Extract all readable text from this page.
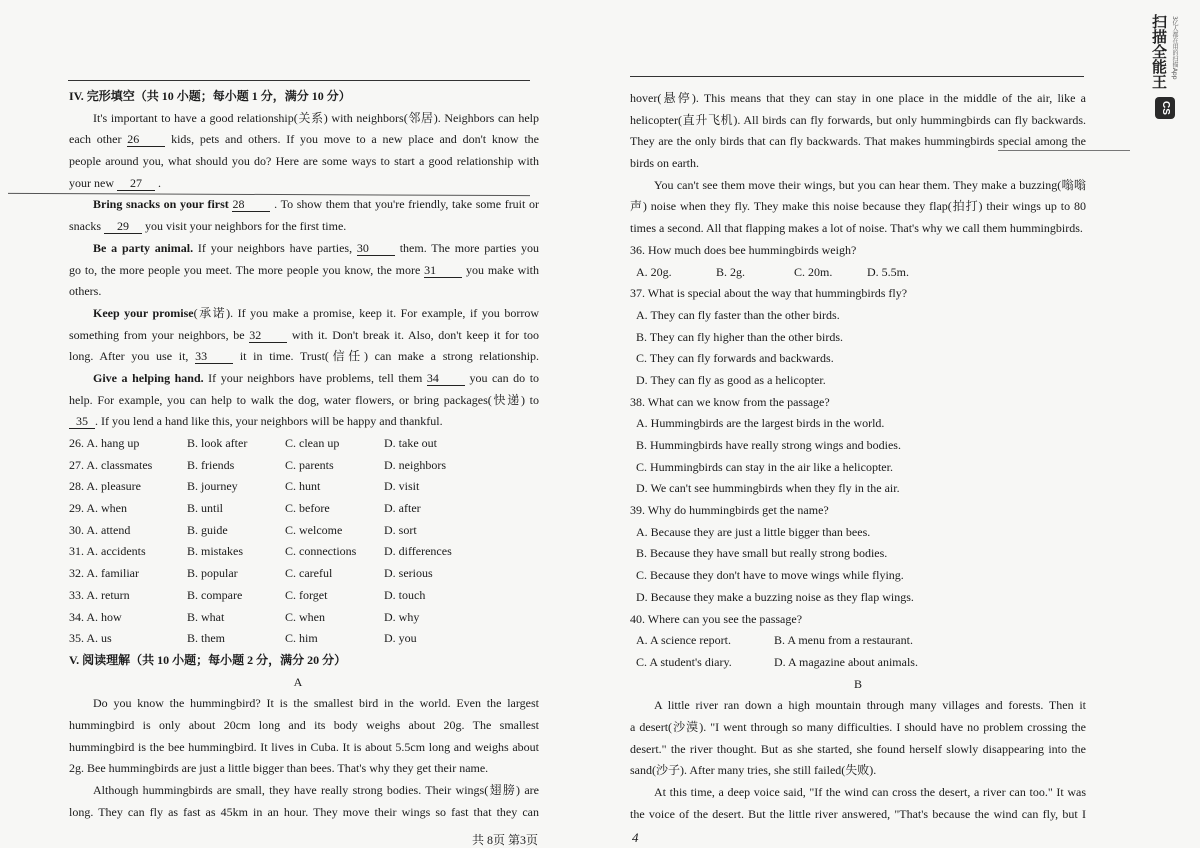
IV. 完形填空（共 10 小题；每小题 1 分，满分 10 分）
It's important to have a good relationship(关系) with neighbors(邻居). Neighbors can help
each other 26	kids, pets and others. If you move to a new place and don't know the
people around you, what should you do? Here are some ways to start a good relationship with
your new 27 .
Bring snacks on your first 28 . To show them that you're friendly, take some fruit or
snacks 29 you visit your neighbors for the first time.
Be a party animal. If your neighbors have parties, 30	them. The more parties you
go to, the more people you meet. The more people you know, the more 31 you make with
others.
Keep your promise(承诺). If you make a promise, keep it. For example, if you borrow
something from your neighbors, be 32	with it. Don't break it. Also, don't keep it for too
long. After you use it, 33	it in time. Trust(信任) can make a strong relationship.
Give a helping hand. If your neighbors have problems, tell them 34	you can do to
help. For example, you can help to walk the dog, water flowers, or bring packages(快递) to
35 . If you lend a hand like this, your neighbors will be happy and thankful.
26. A. hang up	B. look after	C. clean up	D. take out
27. A. classmates	B. friends	C. parents	D. neighbors
28. A. pleasure	B. journey	C. hunt	D. visit
29. A. when	B. until	C. before	D. after
30. A. attend	B. guide	C. welcome	D. sort
31. A. accidents	B. mistakes	C. connections	D. differences
32. A. familiar	B. popular	C. careful	D. serious
33. A. return	B. compare	C. forget	D. touch
34. A. how	B. what	C. when	D. why
35. A. us	B. them	C. him	D. you
V. 阅读理解（共 10 小题；每小题 2 分，满分 20 分）
A
Do you know the hummingbird? It is the smallest bird in the world. Even the largest
hummingbird is only about 20cm long and its body weighs about 20g. The smallest
hummingbird is the bee hummingbird. It lives in Cuba. It is about 5.5cm long and weighs about
2g. Bee hummingbirds are just a little bigger than bees. That's why they get their name.
Although hummingbirds are small, they have really strong bodies. Their wings(翅膀) are
long. They can fly as fast as 45km in an hour. They move their wings so fast that they can
共 8页 第3页
hover(悬停). This means that they can stay in one place in the middle of the air, like a
helicopter(直升飞机). All birds can fly forwards, but only hummingbirds can fly backwards.
They are the only birds that can fly backwards. That makes hummingbirds special among the
birds on earth.
You can't see them move their wings, but you can hear them. They make a buzzing(嗡嗡
声) noise when they fly. They make this noise because they flap(拍打) their wings up to 80
times a second. All that flapping makes a lot of noise. That's why we call them hummingbirds.
36. How much does bee hummingbirds weigh?
A. 20g.	B. 2g.	C. 20m.	D. 5.5m.
37. What is special about the way that hummingbirds fly?
A. They can fly faster than the other birds.
B. They can fly higher than the other birds.
C. They can fly forwards and backwards.
D. They can fly as good as a helicopter.
38. What can we know from the passage?
A. Hummingbirds are the largest birds in the world.
B. Hummingbirds have really strong wings and bodies.
C. Hummingbirds can stay in the air like a helicopter.
D. We can't see hummingbirds when they fly in the air.
39. Why do hummingbirds get the name?
A. Because they are just a little bigger than bees.
B. Because they have small but really strong bodies.
C. Because they don't have to move wings while flying.
D. Because they make a buzzing noise as they flap wings.
40. Where can you see the passage?
A. A science report.	B. A menu from a restaurant.
C. A student's diary.	D. A magazine about animals.
B
A little river ran down a high mountain through many villages and forests. Then it
a desert(沙漠). "I went through so many difficulties. I should have no problem crossing the
desert." the river thought. But as she started, she found herself slowly disappearing into the
sand(沙子). After many tries, she still failed(失败).
At this time, a deep voice said, "If the wind can cross the desert, a river can too." It was
the voice of the desert. But the little river answered, "That's because the wind can fly, but I
4
扫描全能王 3亿人都在用的扫描App
CS
